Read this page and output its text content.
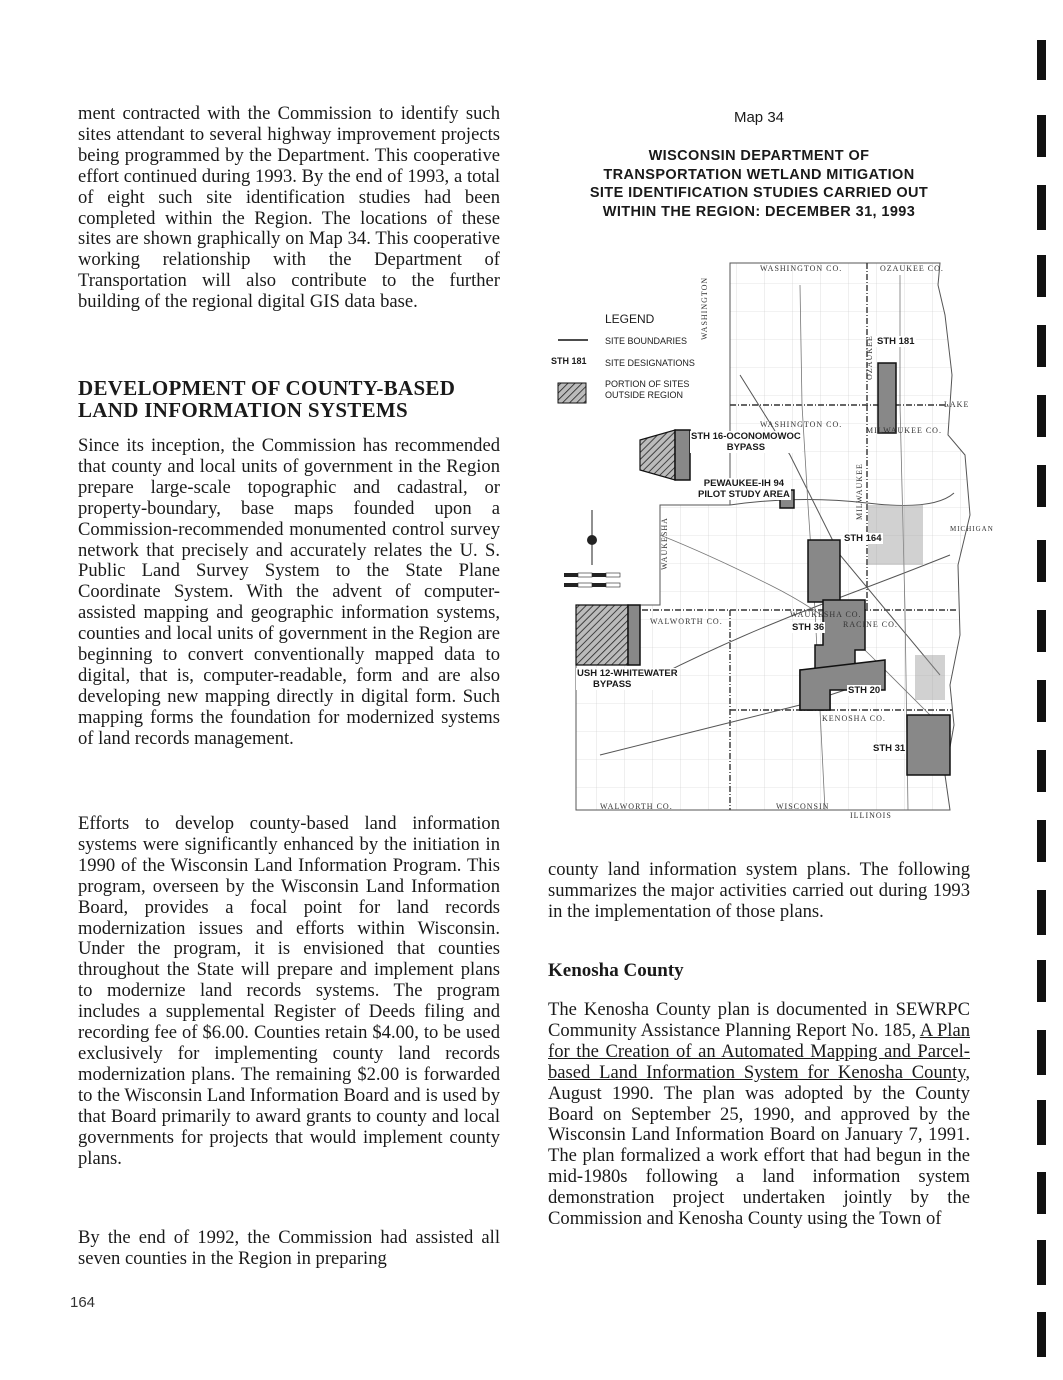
ment contracted with the Commission to identify such sites attendant to several highway improvement projects being programmed by the Department. This cooperative effort continued during 1993. By the end of 1993, a total of eight such site identification studies had been completed within the Region. The locations of these sites are shown graphically on Map 34. This cooperative working relationship with the Department of Transportation will also contribute to the further building of the regional digital GIS data base.

DEVELOPMENT OF COUNTY-BASED

LAND INFORMATION SYSTEMS

Since its inception, the Commission has recommended that county and local units of government in the Region prepare large-scale topographic and cadastral, or property-boundary, base maps founded upon a Commission-recommended monumented control survey network that precisely and accurately relates the U. S. Public Land Survey System to the State Plane Coordinate System. With the advent of computer-assisted mapping and geographic information systems, counties and local units of government in the Region are beginning to convert conventionally mapped data to digital, that is, computer-readable, form and are also developing new mapping directly in digital form. Such mapping forms the foundation for modernized systems of land records management.

Efforts to develop county-based land information systems were significantly enhanced by the initiation in 1990 of the Wisconsin Land Information Program. This program, overseen by the Wisconsin Land Information Board, provides a focal point for land records modernization issues and efforts within Wisconsin. Under the program, it is envisioned that counties throughout the State will prepare and implement plans to modernize land records systems. The program includes a supplemental Register of Deeds filing and recording fee of $6.00. Counties retain $4.00, to be used exclusively for implementing county land records modernization plans. The remaining $2.00 is forwarded to the Wisconsin Land Information Board and is used by that Board primarily to award grants to county and local governments for projects that would implement county plans.

By the end of 1992, the Commission had assisted all seven counties in the Region in preparing

164
Map 34
WISCONSIN DEPARTMENT OF
TRANSPORTATION WETLAND MITIGATION
SITE IDENTIFICATION STUDIES CARRIED OUT
WITHIN THE REGION: DECEMBER 31, 1993
LEGEND
SITE BOUNDARIES
STH 181 SITE DESIGNATIONS
PORTION OF SITES
OUTSIDE REGION
WASHINGTON CO.	OZAUKEE CO.
LAKE
WASHINGTON CO.
MILWAUKEE CO.
MICHIGAN
WALWORTH CO.
WAUKESHA CO.
RACINE CO.
KENOSHA CO.
WALWORTH CO.	WISCONSIN
ILLINOIS
WASHINGTON
OZAUKEE
WAUKESHA
MILWAUKEE
STH 181
STH 16-OCONOMOWOC
BYPASS
PEWAUKEE-IH 94
PILOT STUDY AREA
STH 164
STH 36
USH 12-WHITEWATER
BYPASS
STH 20
STH 31

county land information system plans. The following summarizes the major activities carried out during 1993 in the implementation of those plans.

Kenosha County

The Kenosha County plan is documented in SEWRPC Community Assistance Planning Report No. 185, A Plan for the Creation of an Automated Mapping and Parcel-based Land Information System for Kenosha County, August 1990. The plan was adopted by the County Board on September 25, 1990, and approved by the Wisconsin Land Information Board on January 7, 1991. The plan formalized a work effort that had begun in the mid-1980s following a land information system demonstration project undertaken jointly by the Commission and Kenosha County using the Town of
